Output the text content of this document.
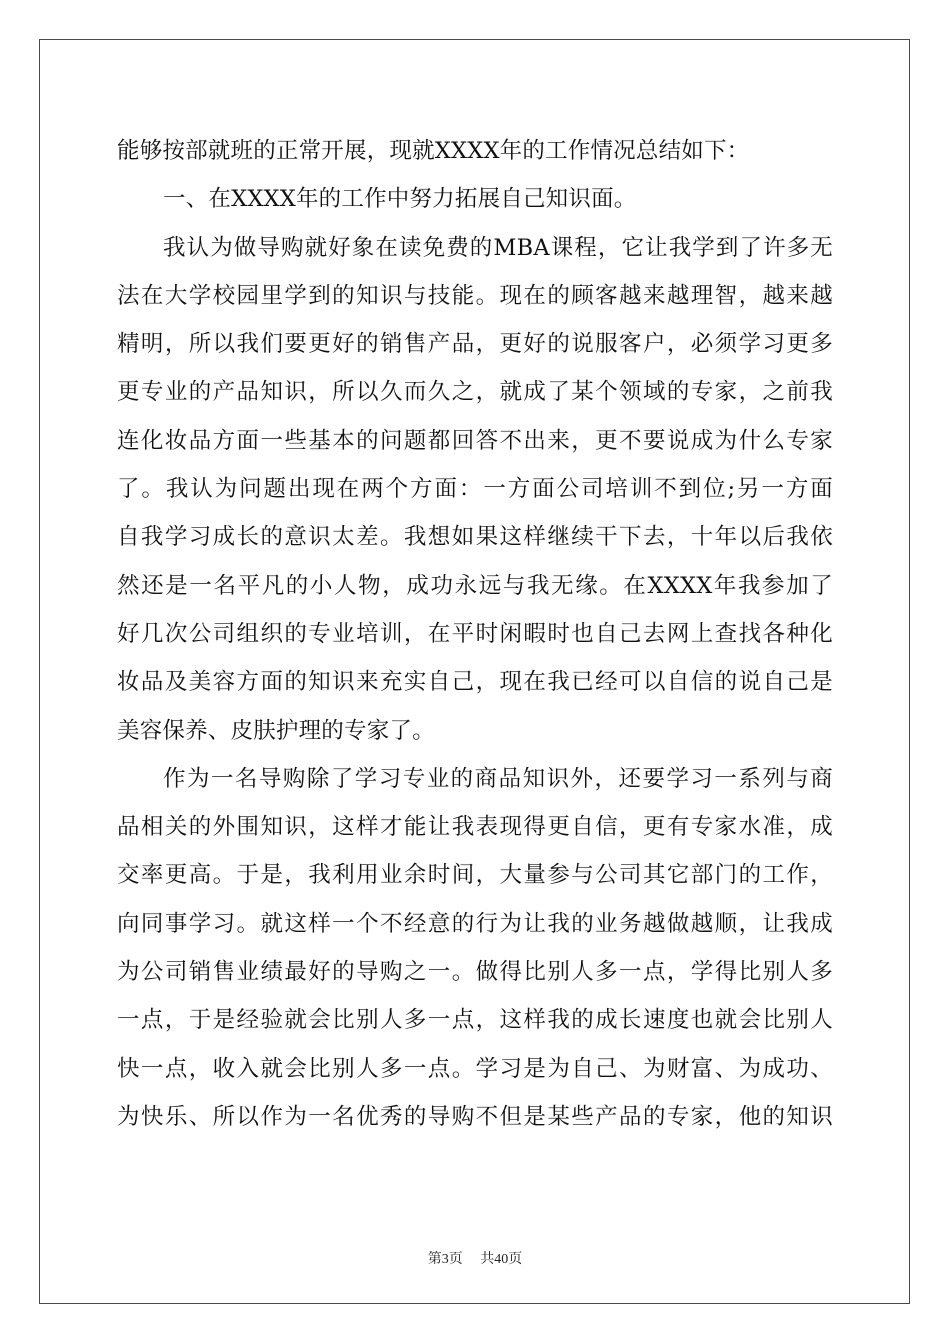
能够按部就班的正常开展，现就XXXX年的工作情况总结如下：
一、在XXXX年的工作中努力拓展自己知识面。
我认为做导购就好象在读免费的MBA课程，它让我学到了许多无
法在大学校园里学到的知识与技能。现在的顾客越来越理智，越来越
精明，所以我们要更好的销售产品，更好的说服客户，必须学习更多
更专业的产品知识，所以久而久之，就成了某个领域的专家，之前我
连化妆品方面一些基本的问题都回答不出来，更不要说成为什么专家
了。我认为问题出现在两个方面：一方面公司培训不到位;另一方面
自我学习成长的意识太差。我想如果这样继续干下去，十年以后我依
然还是一名平凡的小人物，成功永远与我无缘。在XXXX年我参加了
好几次公司组织的专业培训，在平时闲暇时也自己去网上查找各种化
妆品及美容方面的知识来充实自己，现在我已经可以自信的说自己是
美容保养、皮肤护理的专家了。
作为一名导购除了学习专业的商品知识外，还要学习一系列与商
品相关的外围知识，这样才能让我表现得更自信，更有专家水准，成
交率更高。于是，我利用业余时间，大量参与公司其它部门的工作，
向同事学习。就这样一个不经意的行为让我的业务越做越顺，让我成
为公司销售业绩最好的导购之一。做得比别人多一点，学得比别人多
一点，于是经验就会比别人多一点，这样我的成长速度也就会比别人
快一点，收入就会比别人多一点。学习是为自己、为财富、为成功、
为快乐、所以作为一名优秀的导购不但是某些产品的专家，他的知识
第3页 共40页
